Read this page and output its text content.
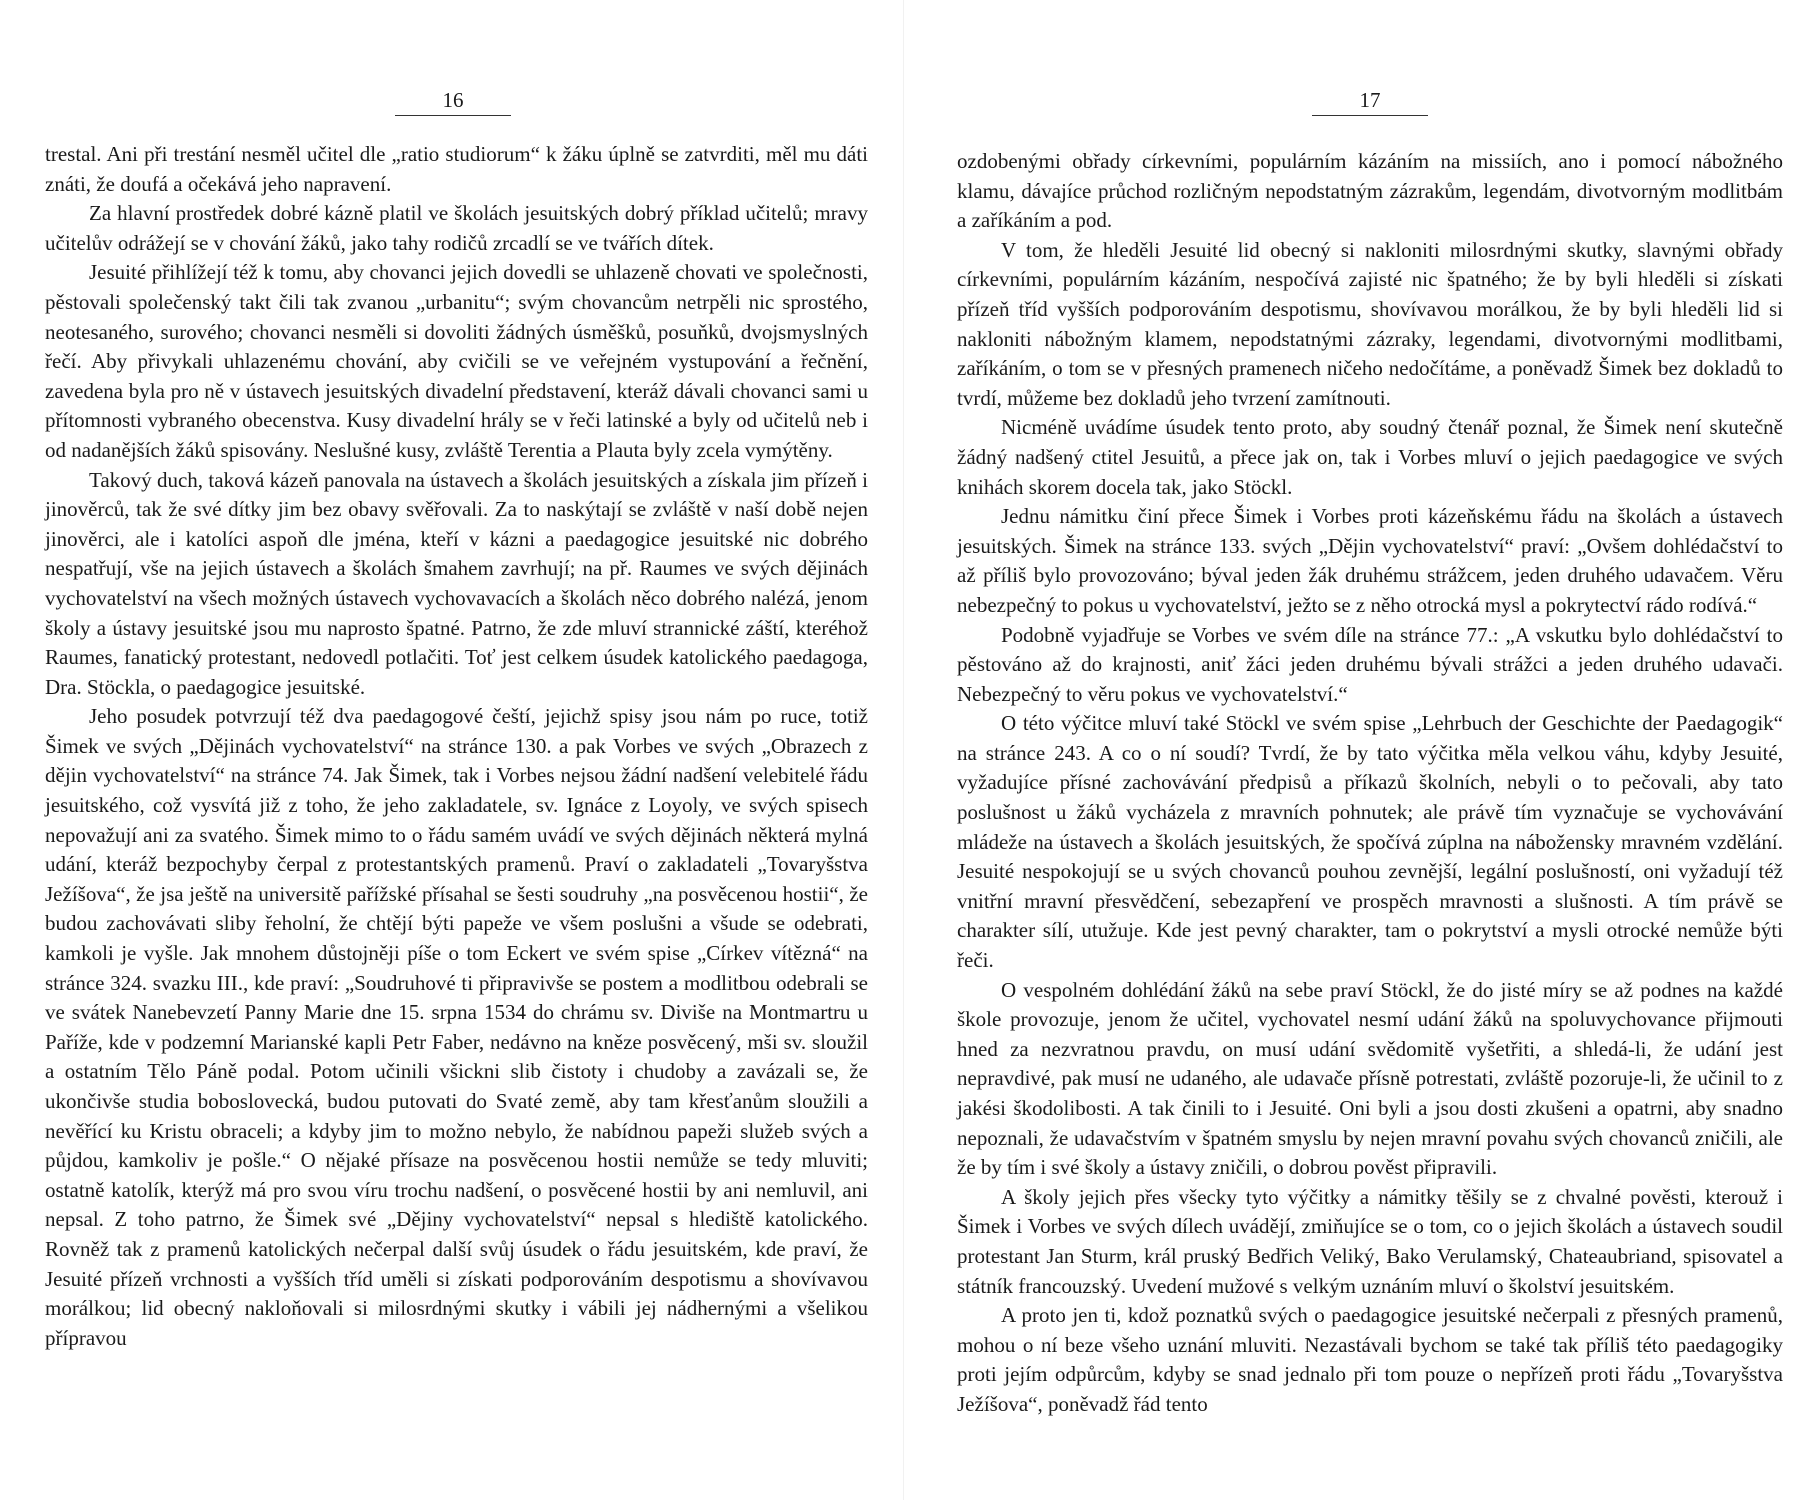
16

trestal. Ani při trestání nesměl učitel dle „ratio studiorum“ k žáku úplně se zatvrditi, měl mu dáti znáti, že doufá a očekává jeho napravení.

Za hlavní prostředek dobré kázně platil ve školách jesuitských dobrý příklad učitelů; mravy učitelův odrážejí se v chování žáků, jako tahy rodičů zrcadlí se ve tvářích dítek.

Jesuité přihlížejí též k tomu, aby chovanci jejich dovedli se uhlazeně chovati ve společnosti, pěstovali společenský takt čili tak zvanou „urbanitu“; svým chovancům netrpěli nic sprostého, neotesaného, surového; chovanci nesměli si dovoliti žádných úsměšků, posuňků, dvojsmyslných řečí. Aby přivykali uhlazenému chování, aby cvičili se ve veřejném vystupování a řečnění, zavedena byla pro ně v ústavech jesuitských divadelní představení, kteráž dávali chovanci sami u přítomnosti vybraného obecenstva. Kusy divadelní hrály se v řeči latinské a byly od učitelů neb i od nadanějších žáků spisovány. Neslušné kusy, zvláště Terentia a Plauta byly zcela vymýtěny.

Takový duch, taková kázeň panovala na ústavech a školách jesuitských a získala jim přízeň i jinověrců, tak že své dítky jim bez obavy svěřovali. Za to naskýtají se zvláště v naší době nejen jinověrci, ale i katolíci aspoň dle jména, kteří v kázni a paedagogice jesuitské nic dobrého nespatřují, vše na jejich ústavech a školách šmahem zavrhují; na př. Raumes ve svých dějinách vychovatelství na všech možných ústavech vychovavacích a školách něco dobrého nalézá, jenom školy a ústavy jesuitské jsou mu naprosto špatné. Patrno, že zde mluví strannické záští, kteréhož Raumes, fanatický protestant, nedovedl potlačiti. Toť jest celkem úsudek katolického paedagoga, Dra. Stöckla, o paedagogice jesuitské.

Jeho posudek potvrzují též dva paedagogové čeští, jejichž spisy jsou nám po ruce, totiž Šimek ve svých „Dějinách vychovatelství“ na stránce 130. a pak Vorbes ve svých „Obrazech z dějin vychovatelství“ na stránce 74. Jak Šimek, tak i Vorbes nejsou žádní nadšení velebitelé řádu jesuitského, což vysvítá již z toho, že jeho zakladatele, sv. Ignáce z Loyoly, ve svých spisech nepovažují ani za svatého. Šimek mimo to o řádu samém uvádí ve svých dějinách některá mylná udání, kteráž bezpochyby čerpal z protestantských pramenů. Praví o zakladateli „Tovaryšstva Ježíšova“, že jsa ještě na universitě pařížské přísahal se šesti soudruhy „na posvěcenou hostii“, že budou zachovávati sliby řeholní, že chtějí býti papeže ve všem poslušni a všude se odebrati, kamkoli je vyšle. Jak mnohem důstojněji píše o tom Eckert ve svém spise „Církev vítězná“ na stránce 324. svazku III., kde praví: „Soudruhové ti připravivše se postem a modlitbou odebrali se ve svátek Nanebevzetí Panny Marie dne 15. srpna 1534 do chrámu sv. Diviše na Montmartru u Paříže, kde v podzemní Marianské kapli Petr Faber, nedávno na kněze posvěcený, mši sv. sloužil a ostatním Tělo Páně podal. Potom učinili všickni slib čistoty i chudoby a zavázali se, že ukončivše studia boboslovecká, budou putovati do Svaté země, aby tam křesťanům sloužili a nevěřící ku Kristu obraceli; a kdyby jim to možno nebylo, že nabídnou papeži služeb svých a půjdou, kamkoliv je pošle.“ O nějaké přísaze na posvěcenou hostii nemůže se tedy mluviti; ostatně katolík, kterýž má pro svou víru trochu nadšení, o posvěcené hostii by ani nemluvil, ani nepsal. Z toho patrno, že Šimek své „Dějiny vychovatelství“ nepsal s hlediště katolického. Rovněž tak z pramenů katolických nečerpal další svůj úsudek o řádu jesuitském, kde praví, že Jesuité přízeň vrchnosti a vyšších tříd uměli si získati podporováním despotismu a shovívavou morálkou; lid obecný nakloňovali si milosrdnými skutky i vábili jej nádhernými a všelikou přípravou

17

ozdobenými obřady církevními, populárním kázáním na missiích, ano i pomocí nábožného klamu, dávajíce průchod rozličným nepodstatným zázrakům, legendám, divotvorným modlitbám a zaříkáním a pod.

V tom, že hleděli Jesuité lid obecný si nakloniti milosrdnými skutky, slavnými obřady církevními, populárním kázáním, nespočívá zajisté nic špatného; že by byli hleděli si získati přízeň tříd vyšších podporováním despotismu, shovívavou morálkou, že by byli hleděli lid si nakloniti nábožným klamem, nepodstatnými zázraky, legendami, divotvornými modlitbami, zaříkáním, o tom se v přesných pramenech ničeho nedočítáme, a poněvadž Šimek bez dokladů to tvrdí, můžeme bez dokladů jeho tvrzení zamítnouti.

Nicméně uvádíme úsudek tento proto, aby soudný čtenář poznal, že Šimek není skutečně žádný nadšený ctitel Jesuitů, a přece jak on, tak i Vorbes mluví o jejich paedagogice ve svých knihách skorem docela tak, jako Stöckl.

Jednu námitku činí přece Šimek i Vorbes proti kázeňskému řádu na školách a ústavech jesuitských. Šimek na stránce 133. svých „Dějin vychovatelství“ praví: „Ovšem dohlédačství to až příliš bylo provozováno; býval jeden žák druhému strážcem, jeden druhého udavačem. Věru nebezpečný to pokus u vychovatelství, ježto se z něho otrocká mysl a pokrytectví rádo rodívá.“

Podobně vyjadřuje se Vorbes ve svém díle na stránce 77.: „A vskutku bylo dohlédačství to pěstováno až do krajnosti, aniť žáci jeden druhému bývali strážci a jeden druhého udavači. Nebezpečný to věru pokus ve vychovatelství.“

O této výčitce mluví také Stöckl ve svém spise „Lehrbuch der Geschichte der Paedagogik“ na stránce 243. A co o ní soudí? Tvrdí, že by tato výčitka měla velkou váhu, kdyby Jesuité, vyžadujíce přísné zachovávání předpisů a příkazů školních, nebyli o to pečovali, aby tato poslušnost u žáků vycházela z mravních pohnutek; ale právě tím vyznačuje se vychovávání mládeže na ústavech a školách jesuitských, že spočívá zúplna na nábožensky mravném vzdělání. Jesuité nespokojují se u svých chovanců pouhou zevnější, legální poslušností, oni vyžadují též vnitřní mravní přesvědčení, sebezapření ve prospěch mravnosti a slušnosti. A tím právě se charakter sílí, utužuje. Kde jest pevný charakter, tam o pokrytství a mysli otrocké nemůže býti řeči.

O vespolném dohlédání žáků na sebe praví Stöckl, že do jisté míry se až podnes na každé škole provozuje, jenom že učitel, vychovatel nesmí udání žáků na spoluvychovance přijmouti hned za nezvratnou pravdu, on musí udání svědomitě vyšetřiti, a shledá-li, že udání jest nepravdivé, pak musí ne udaného, ale udavače přísně potrestati, zvláště pozoruje-li, že učinil to z jakési škodolibosti. A tak činili to i Jesuité. Oni byli a jsou dosti zkušeni a opatrni, aby snadno nepoznali, že udavačstvím v špatném smyslu by nejen mravní povahu svých chovanců zničili, ale že by tím i své školy a ústavy zničili, o dobrou pověst připravili.

A školy jejich přes všecky tyto výčitky a námitky těšily se z chvalné pověsti, kterouž i Šimek i Vorbes ve svých dílech uvádějí, zmiňujíce se o tom, co o jejich školách a ústavech soudil protestant Jan Sturm, král pruský Bedřich Veliký, Bako Verulamský, Chateaubriand, spisovatel a státník francouzský. Uvedení mužové s velkým uznáním mluví o školství jesuitském.

A proto jen ti, kdož poznatků svých o paedagogice jesuitské nečerpali z přesných pramenů, mohou o ní beze všeho uznání mluviti. Nezastávali bychom se také tak příliš této paedagogiky proti jejím odpůrcům, kdyby se snad jednalo při tom pouze o nepřízeň proti řádu „Tovaryšstva Ježíšova“, poněvadž řád tento
